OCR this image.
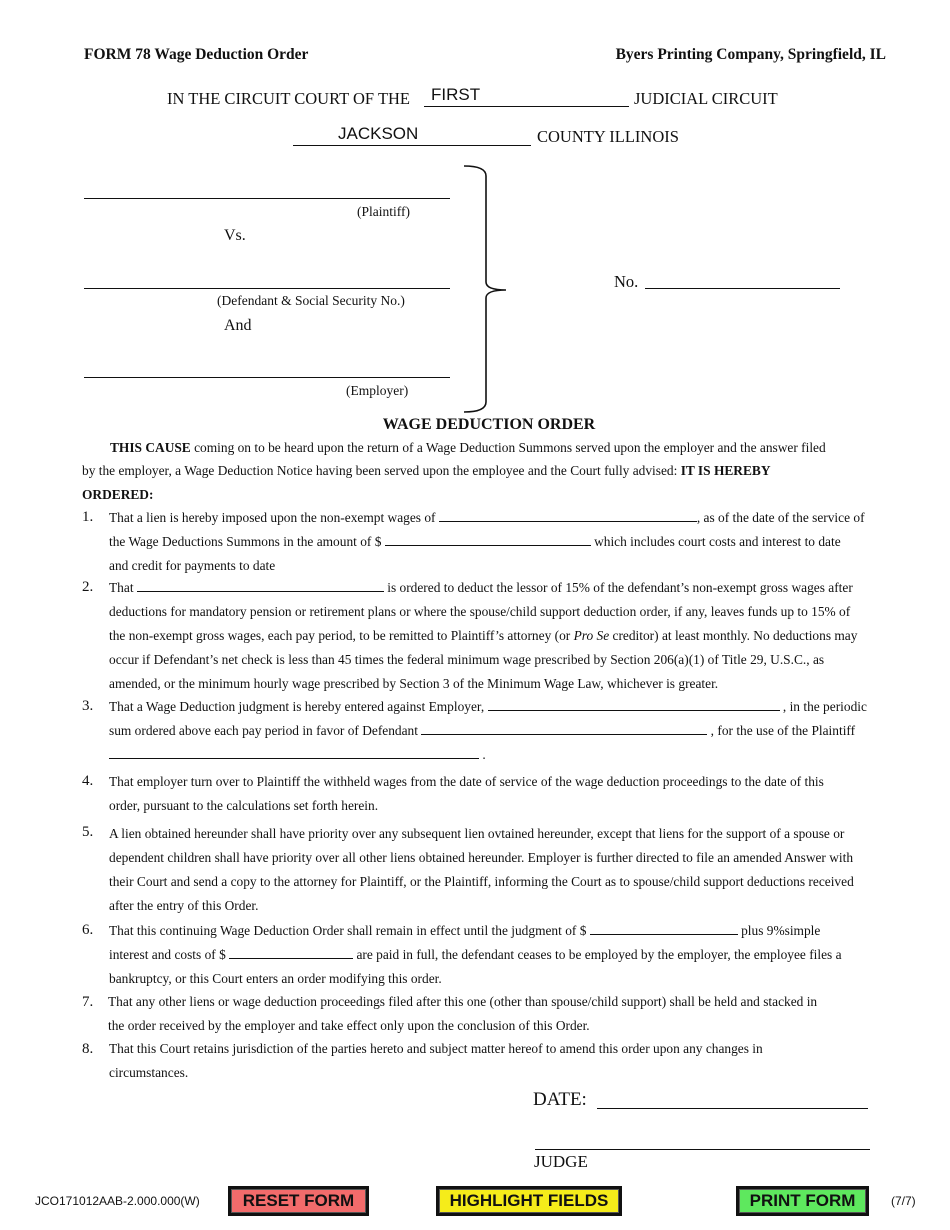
FORM 78 Wage Deduction Order	Byers Printing Company, Springfield, IL
IN THE CIRCUIT COURT OF THE FIRST	JUDICIAL CIRCUIT
JACKSON	COUNTY ILLINOIS
(Plaintiff)
Vs.
(Defendant & Social Security No.)
And
(Employer)
No.
WAGE DEDUCTION ORDER
THIS CAUSE coming on to be heard upon the return of a Wage Deduction Summons served upon the employer and the answer filed
by the employer, a Wage Deduction Notice having been served upon the employee and the Court fully advised: IT IS HEREBY
ORDERED:
1.
2.
3.
4.
5.
6.
7.
8.
That a lien is hereby imposed upon the non-exempt wages of	, as of the date of the service of
the Wage Deductions Summons in the amount of $	which includes court costs and interest to date
and credit for payments to date
That	is ordered to deduct the lessor of 15% of the defendant’s non-exempt gross wages after
deductions for mandatory pension or retirement plans or where the spouse/child support deduction order, if any, leaves funds up to 15% of
the non-exempt gross wages, each pay period, to be remitted to Plaintiff’s attorney (or Pro Se creditor) at least monthly. No deductions may
occur if Defendant’s net check is less than 45 times the federal minimum wage prescribed by Section 206(a)(1) of Title 29, U.S.C., as
amended, or the minimum hourly wage prescribed by Section 3 of the Minimum Wage Law, whichever is greater.
That a Wage Deduction judgment is hereby entered against Employer,	, in the periodic
sum ordered above each pay period in favor of Defendant	, for the use of the Plaintiff
.
That employer turn over to Plaintiff the withheld wages from the date of service of the wage deduction proceedings to the date of this
order, pursuant to the calculations set forth herein.
A lien obtained hereunder shall have priority over any subsequent lien ovtained hereunder, except that liens for the support of a spouse or
dependent children shall have priority over all other liens obtained hereunder. Employer is further directed to file an amended Answer with
their Court and send a copy to the attorney for Plaintiff, or the Plaintiff, informing the Court as to spouse/child support deductions received
after the entry of this Order.
That this continuing Wage Deduction Order shall remain in effect until the judgment of $	plus 9%simple
interest and costs of $	are paid in full, the defendant ceases to be employed by the employer, the employee files a
bankruptcy, or this Court enters an order modifying this order.
That any other liens or wage deduction proceedings filed after this one (other than spouse/child support) shall be held and stacked in
the order received by the employer and take effect only upon the conclusion of this Order.
That this Court retains jurisdiction of the parties hereto and subject matter hereof to amend this order upon any changes in
circumstances.
DATE:
JUDGE
JCO171012AAB-2.000.000(W)	RESET FORM	HIGHLIGHT FIELDS	PRINT FORM	(7/7)
